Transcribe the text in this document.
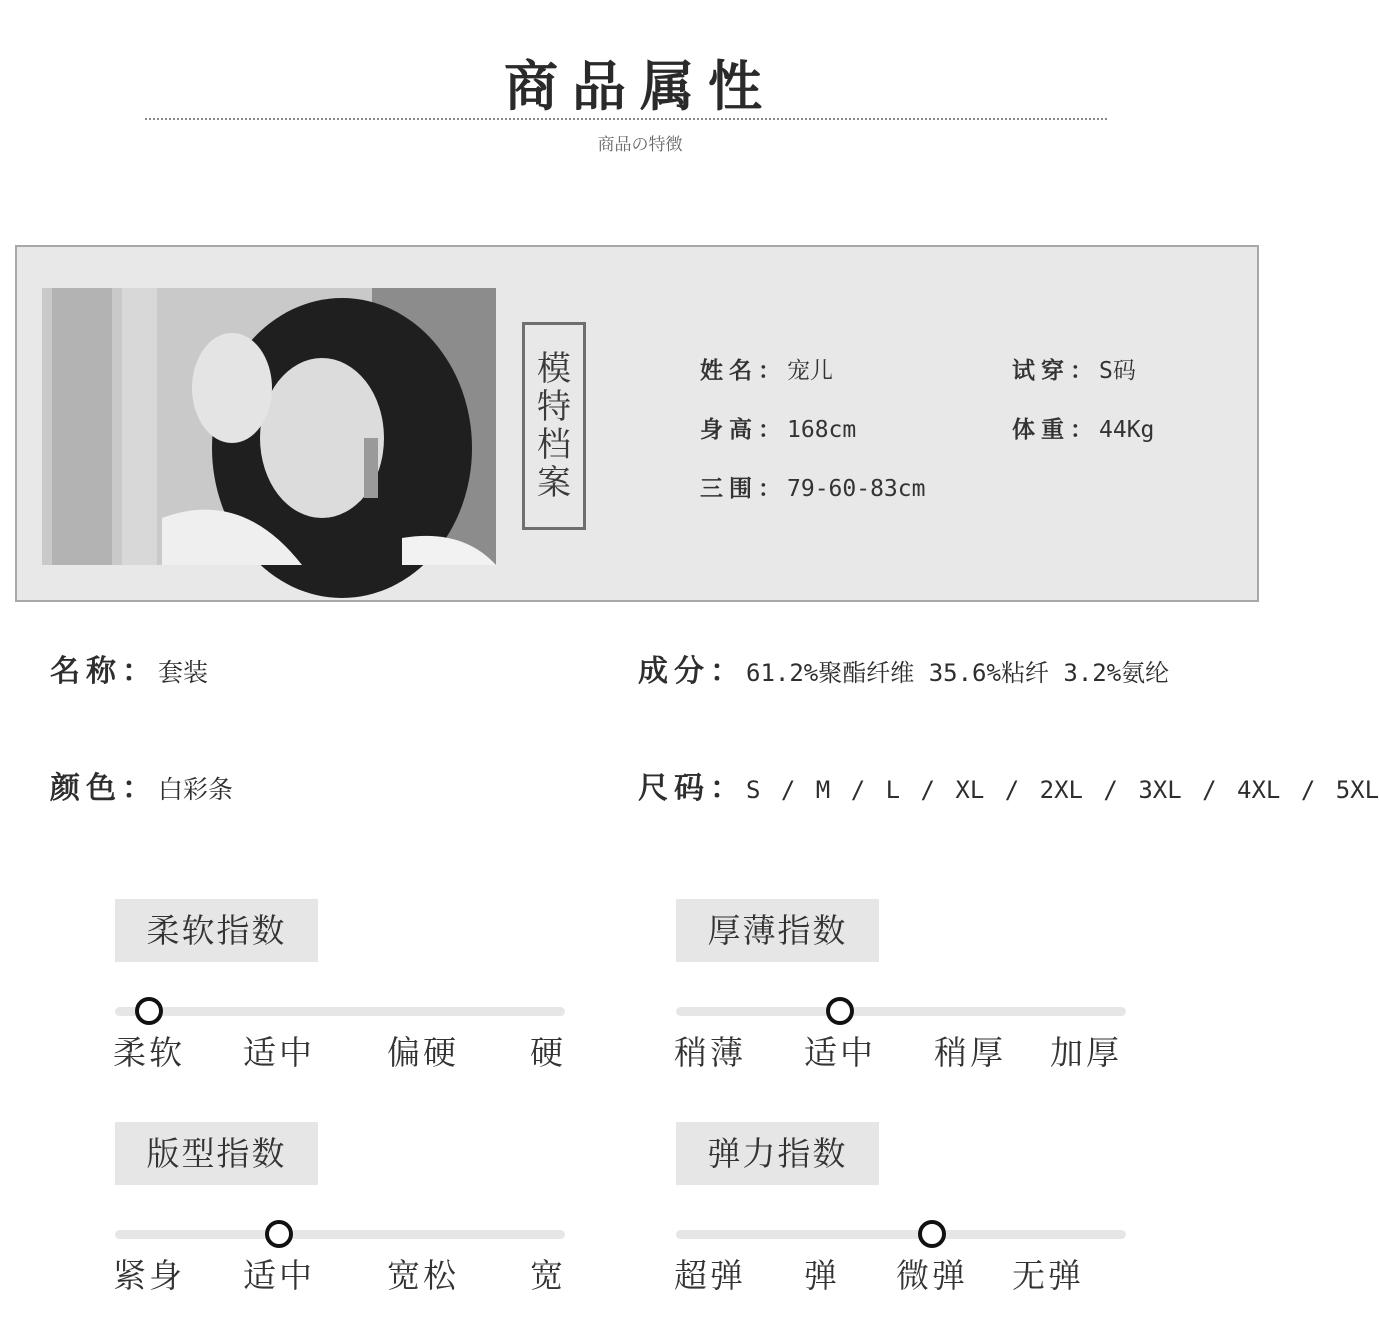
商品属性
商品の特徴
模特档案
姓名：宠儿	试穿：S码
身高：168cm	体重：44Kg
三围：79-60-83cm
名称：套装	成分：61.2%聚酯纤维 35.6%粘纤 3.2%氨纶
颜色：白彩条	尺码：S / M / L / XL / 2XL / 3XL / 4XL / 5XL
柔软指数
柔软 适中 偏硬 硬
厚薄指数
稍薄 适中 稍厚 加厚
版型指数
紧身 适中 宽松 宽
弹力指数
超弹 弹 微弹 无弹
